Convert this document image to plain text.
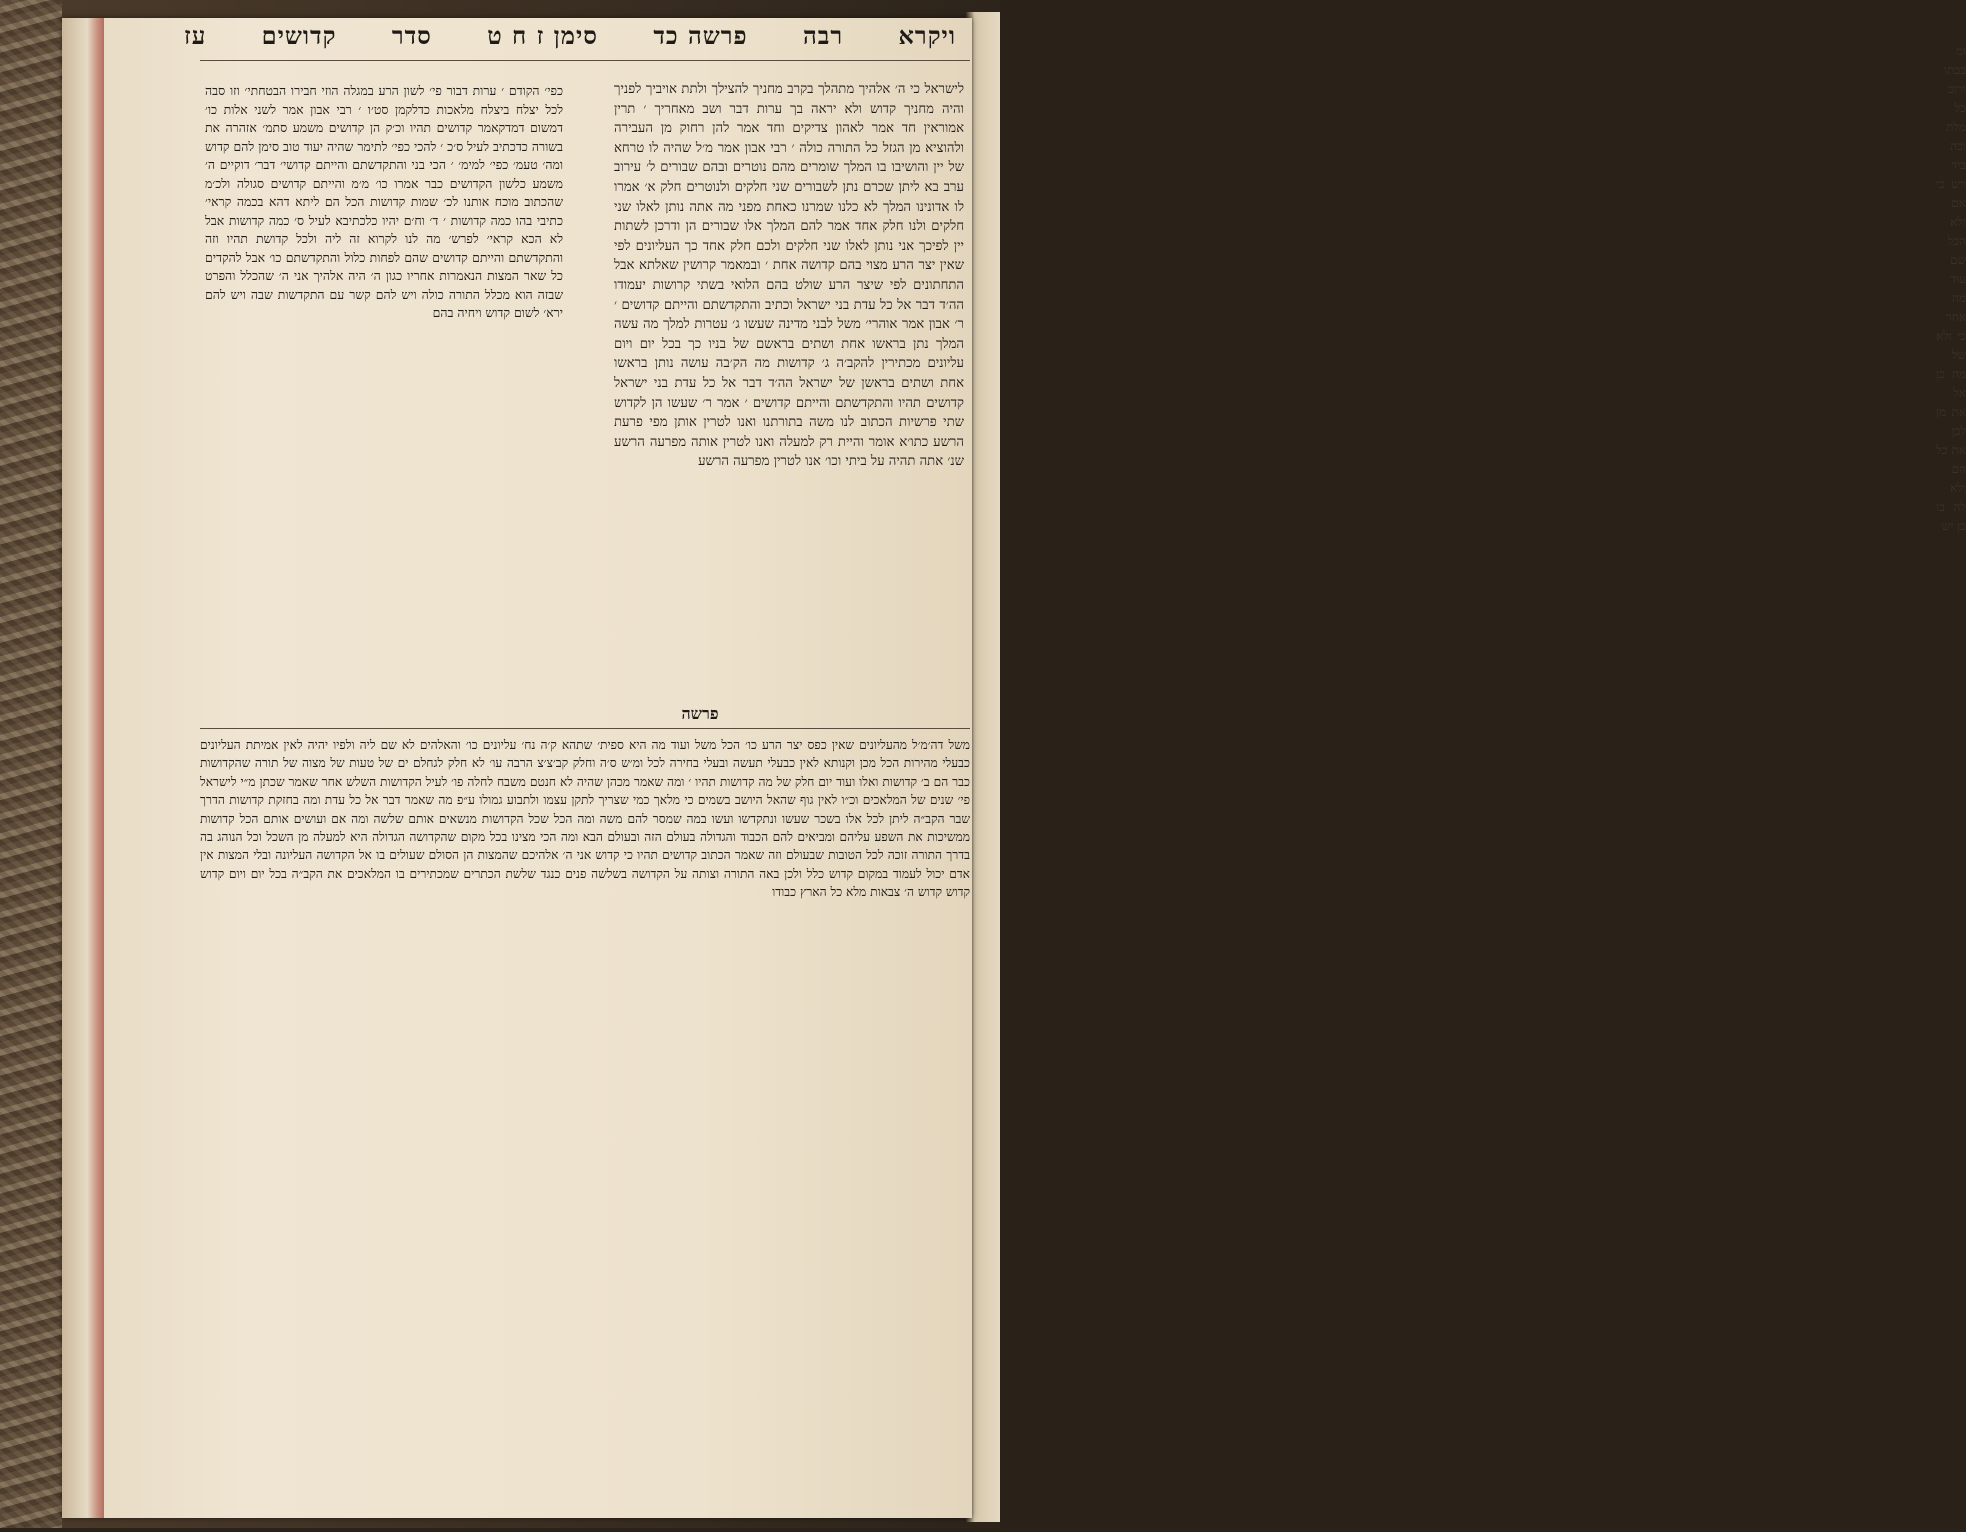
ומ בכתו ורוכ כל מלת ובה ביד ויש כי אם ולא הכל שם עוד מה אחר כי ולא של מה כן אל את מן לכן את כל הם ולא לה בו כן יש
ויקרא
רבה
פרשה כד
סימן ז ח ט
סדר
קדושים
עז
כפי׳ הקודם ׳ ערות דבור פי׳ לשון הרע במגלה הוזי חבירו הבטחתי׳ וזו סבה לכל יצלח ביצלח מלאכות כדלקמן סט׳ו ׳ רבי אבון אמר לשני אלות כו׳ דמשום דמדקאמר קדושים תהיו וכ׳ק הן קדושים משמע סתמ׳ אזהרה את בשורה כדכתיב לעיל ס׳כ ׳ להכי כפי׳ לתימר שהיה יעוד טוב סימן להם קדוש ומה׳ טעמ׳ כפי׳ למימ׳ ׳ הכי בני והתקדשתם והייתם קדושי׳ דבר׳ דוקיים ה׳ משמע כלשון הקדושים כבר אמרו כו׳ מ׳מ והייתם קדושים סגולה ולכ׳מ שהכתוב מוכח אותנו לכ׳ שמות קדושות הכל הם ליתא דהא בכמה קראי׳ כתיבי בהו כמה קדושות ׳ ד׳ וח׳ם יהיו כלכתיבא לעיל ס׳ כמה קדושות אבל לא הכא קראי׳ לפרש׳ מה לנו לקרוא זה ליה ולכל קדושת תהיו וזה והתקדשתם והייתם קדושים שהם לפחות כלול והתקדשתם כו׳ אבל להקדים כל שאר המצות הנאמרות אחריו כגון ה׳ היה אלהיך אני ה׳ שהכלל והפרט שבזה הוא מכלל התורה כולה ויש להם קשר עם התקדשות שבה ויש להם ירא׳ לשום קדוש ויחיה בהם
לישראל כי ה׳ אלהיך מתהלך בקרב מחניך להצילך ולתת אויביך לפניך והיה מחניך קדוש ולא יראה בך ערות דבר ושב מאחריך ׳ תרין אמוראין חד אמר לאהון צדיקים וחד אמר להן רחוק מן העבירה ולהוציא מן הגזל כל התורה כולה ׳ רבי אבון אמר מ׳ל שהיה לו טרחא של יין והושיבו בו המלך שומרים מהם נוטרים ובהם שבורים ל׳ עירוב ערב בא ליתן שכרם נתן לשבורים שני חלקים ולנוטרים חלק א׳ אמרו לו אדונינו המלך לא כלנו שמרנו כאחת מפני מה אתה נותן לאלו שני חלקים ולנו חלק אחד אמר להם המלך אלו שבורים הן ודרכן לשתות יין לפיכך אני נותן לאלו שני חלקים ולכם חלק אחד כך העליונים לפי שאין יצר הרע מצוי בהם קדושה אחת ׳ ובמאמר קרושין שאלתא אבל התחתונים לפי שיצר הרע שולט בהם הלואי בשתי קרושות יעמודו הה׳ד דבר אל כל עדת בני ישראל וכתיב והתקדשתם והייתם קדושים ׳ ר׳ אבון אמר אוהרי׳ משל לבני מדינה שעשו ג׳ עטרות למלך מה עשה המלך נתן בראשו אחת ושתים בראשם של בניו כך בכל יום ויום עליונים מכתירין להקב׳ה ג׳ קדושות מה הק׳בה עושה נותן בראשו אחת ושתים בראשן של ישראל הה׳ד דבר אל כל עדת בני ישראל קדושים תהיו והתקדשתם והייתם קדושים ׳ אמר ר׳ שעשו הן לקדוש שתי פרשיות הכתוב לנו משה בתורתנו ואנו לטרין אותן מפי פרעת הרשע כתו׳א אומר והיית רק למעלה ואנו לטרין אותה מפרעה הרשע שנ׳ אתה תהיה על ביתי וכו׳ אנו לטרין מפרעה הרשע
פרשה
משל דה׳מ׳ל מהעליונים שאין כפס יצר הרע כו׳ הכל משל ועוד מה היא ספית׳ שתהא ק׳ה נח׳ עליונים כו׳ והאלהים לא שם ליה ולפיו יהיה לאין אמיתת העליונים כבעלי מהירות הכל מכן וקנותא לאין כבעלי תעשה ובעלי בחירה לכל ומ׳ש ס׳ה וחלק קב׳צ׳צ הרבה עו׳ לא חלק לגחלם ים של טעות של מצוה של תורה שהקדושות כבר הם ב׳ קדושות ואלו ועוד יום חלק של מה קדושות תהיו ׳ ומה שאמר מכהן שהיה לא חנטם משבח לחלה פו׳ לעיל הקדושות השלש אחר שאמר שכתן מ״י לישראל פי׳ שנים של המלאכים וכ״ו לאין גוף שהאל היושב בשמים כי מלאך כמי שצריך לתקן עצמו ולתבוע גמולו ע״פ מה שאמר דבר אל כל עדת ומה בחזקת קדושות הדרך שבר הקב״ה ליתן לכל אלו בשכר שעשו ונתקדשו ועשו במה שמסר להם משה ומה הכל שכל הקדושות מנשאים אותם שלשה ומה אם ועושים אותם הכל קדושות ממשיכות את השפע עליהם ומביאים להם הכבוד והגדולה בעולם הזה ובעולם הבא ומה הכי מצינו בכל מקום שהקדושה הגדולה היא למעלה מן השכל וכל הנוהג בה בדרך התורה זוכה לכל הטובות שבעולם וזה שאמר הכתוב קדושים תהיו כי קדוש אני ה׳ אלהיכם שהמצות הן הסולם שעולים בו אל הקדושה העליונה ובלי המצות אין אדם יכול לעמוד במקום קדוש כלל ולכן באה התורה וצותה על הקדושה בשלשה פנים כנגד שלשת הכתרים שמכתירים בו המלאכים את הקב״ה בכל יום ויום קדוש קדוש קדוש ה׳ צבאות מלא כל הארץ כבודו
